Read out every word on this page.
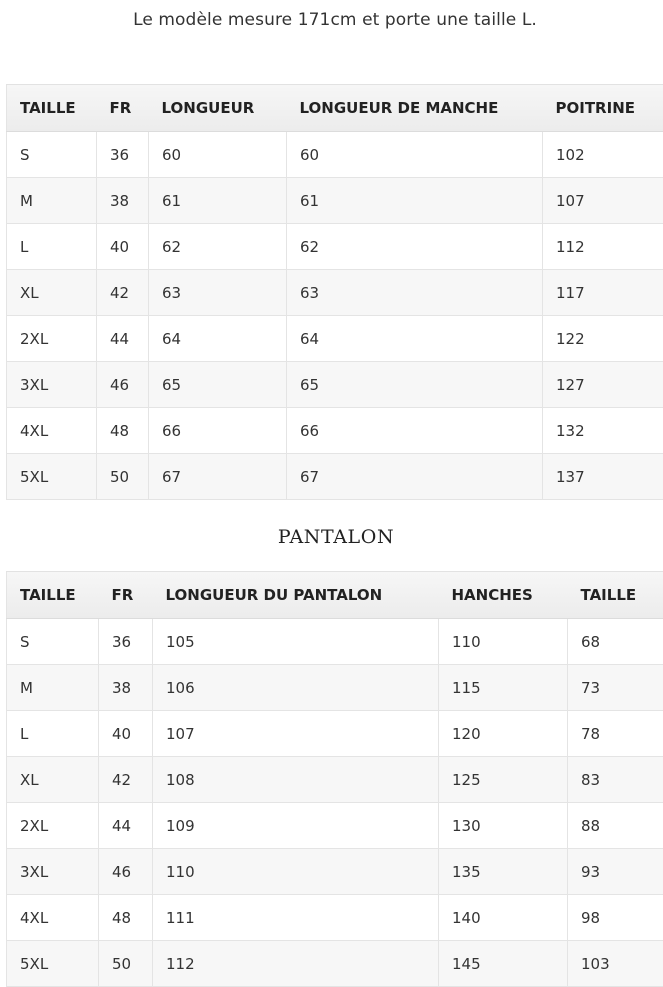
Le modèle mesure 171cm et porte une taille L.
TAILLE	FR	LONGUEUR	LONGUEUR DE MANCHE	POITRINE
S	36	60	60	102
M	38	61	61	107
L	40	62	62	112
XL	42	63	63	117
2XL	44	64	64	122
3XL	46	65	65	127
4XL	48	66	66	132
5XL	50	67	67	137
PANTALON
TAILLE	FR	LONGUEUR DU PANTALON	HANCHES	TAILLE
S	36	105	110	68
M	38	106	115	73
L	40	107	120	78
XL	42	108	125	83
2XL	44	109	130	88
3XL	46	110	135	93
4XL	48	111	140	98
5XL	50	112	145	103
